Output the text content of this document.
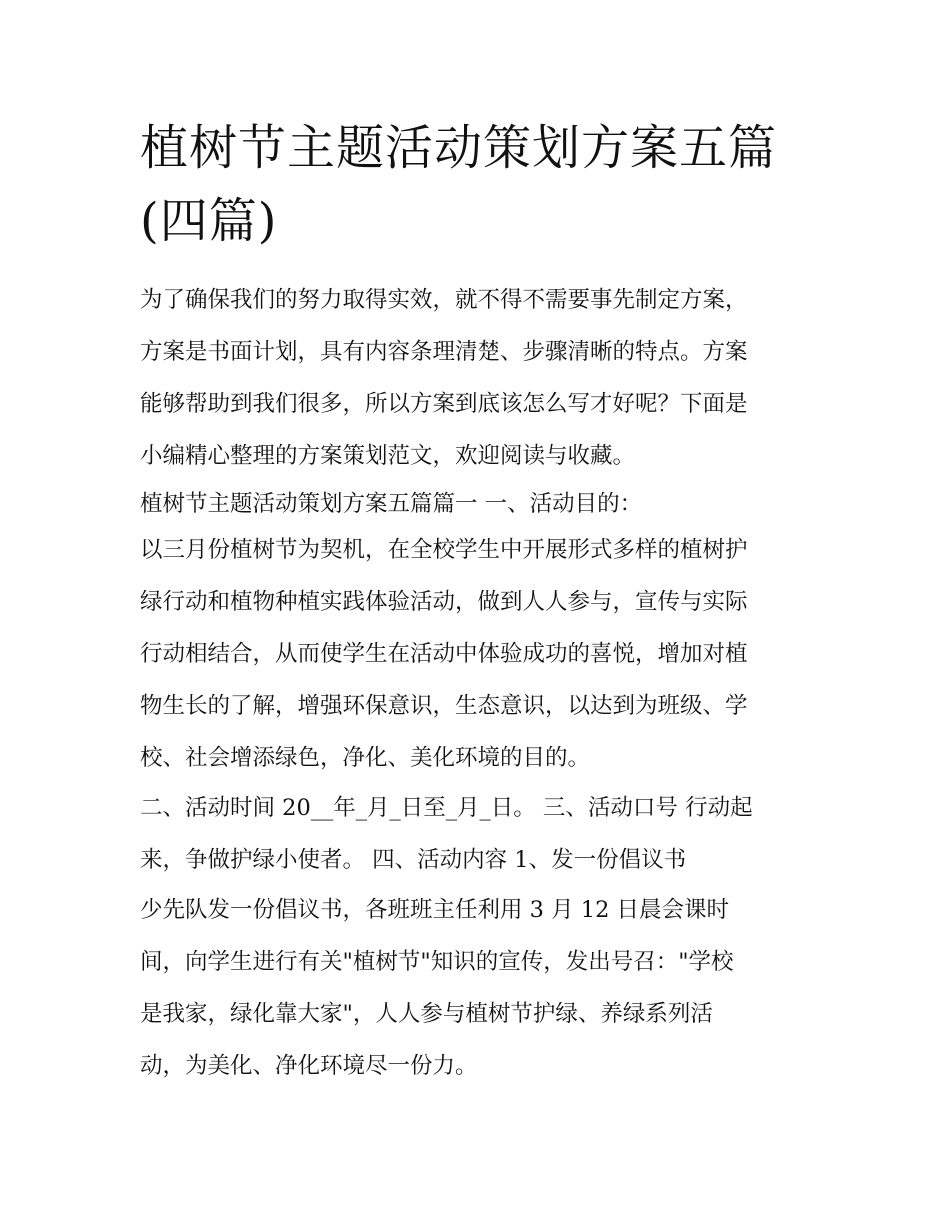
植树节主题活动策划方案五篇
(四篇)

为了确保我们的努力取得实效，就不得不需要事先制定方案，
方案是书面计划，具有内容条理清楚、步骤清晰的特点。方案
能够帮助到我们很多，所以方案到底该怎么写才好呢？下面是
小编精心整理的方案策划范文，欢迎阅读与收藏。

植树节主题活动策划方案五篇篇一 一、活动目的：

以三月份植树节为契机，在全校学生中开展形式多样的植树护
绿行动和植物种植实践体验活动，做到人人参与，宣传与实际
行动相结合，从而使学生在活动中体验成功的喜悦，增加对植
物生长的了解，增强环保意识，生态意识，以达到为班级、学
校、社会增添绿色，净化、美化环境的目的。

二、活动时间 20__年_月_日至_月_日。 三、活动口号 行动起
来，争做护绿小使者。 四、活动内容 1、发一份倡议书

少先队发一份倡议书，各班班主任利用 3 月 12 日晨会课时
间，向学生进行有关"植树节"知识的宣传，发出号召："学校
是我家，绿化靠大家"，人人参与植树节护绿、养绿系列活
动，为美化、净化环境尽一份力。
